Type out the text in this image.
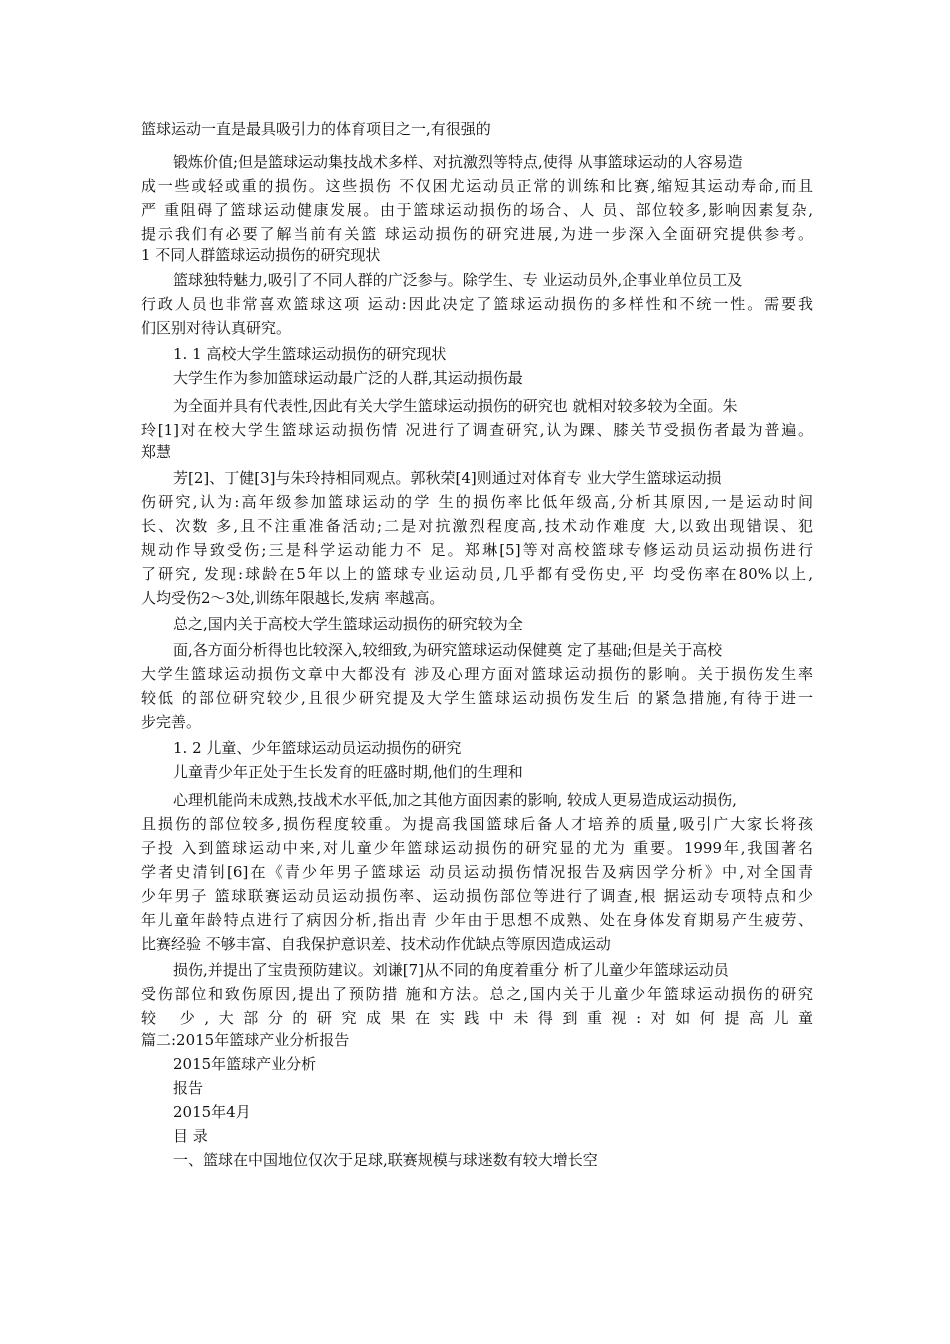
篮球运动一直是最具吸引力的体育项目之一,有很强的
锻炼价值;但是篮球运动集技战术多样、对抗激烈等特点,使得 从事篮球运动的人容易造
成一些或轻或重的损伤。这些损伤 不仅困尤运动员正常的训练和比赛,缩短其运动寿命,而且
严 重阻碍了篮球运动健康发展。由于篮球运动损伤的场合、人 员、部位较多,影响因素复杂,
提示我们有必要了解当前有关篮 球运动损伤的研究进展,为进一步深入全面研究提供参考。
1 不同人群篮球运动损伤的研究现状
篮球独特魅力,吸引了不同人群的广泛参与。除学生、专 业运动员外,企事业单位员工及
行政人员也非常喜欢篮球这项 运动:因此决定了篮球运动损伤的多样性和不统一性。需要我
们区别对待认真研究。
1. 1 高校大学生篮球运动损伤的研究现状
大学生作为参加篮球运动最广泛的人群,其运动损伤最
为全面并具有代表性,因此有关大学生篮球运动损伤的研究也 就相对较多较为全面。朱
玲[1]对在校大学生篮球运动损伤情 况进行了调查研究,认为踝、膝关节受损伤者最为普遍。
郑慧
芳[2]、丁健[3]与朱玲持相同观点。郭秋荣[4]则通过对体育专 业大学生篮球运动损
伤研究,认为:高年级参加篮球运动的学 生的损伤率比低年级高,分析其原因,一是运动时间
长、次数 多,且不注重准备活动;二是对抗激烈程度高,技术动作难度 大,以致出现错误、犯
规动作导致受伤;三是科学运动能力不 足。郑琳[5]等对高校篮球专修运动员运动损伤进行
了研究, 发现:球龄在5年以上的篮球专业运动员,几乎都有受伤史,平 均受伤率在80%以上,
人均受伤2～3处,训练年限越长,发病 率越高。
总之,国内关于高校大学生篮球运动损伤的研究较为全
面,各方面分析得也比较深入,较细致,为研究篮球运动保健奠 定了基础;但是关于高校
大学生篮球运动损伤文章中大都没有 涉及心理方面对篮球运动损伤的影响。关于损伤发生率
较低 的部位研究较少,且很少研究提及大学生篮球运动损伤发生后 的紧急措施,有待于进一
步完善。
1. 2 儿童、少年篮球运动员运动损伤的研究
儿童青少年正处于生长发育的旺盛时期,他们的生理和
心理机能尚未成熟,技战术水平低,加之其他方面因素的影响, 较成人更易造成运动损伤,
且损伤的部位较多,损伤程度较重。为提高我国篮球后备人才培养的质量,吸引广大家长将孩
子投 入到篮球运动中来,对儿童少年篮球运动损伤的研究显的尤为 重要。1999年,我国著名
学者史清钊[6]在《青少年男子篮球运 动员运动损伤情况报告及病因学分析》中,对全国青
少年男子 篮球联赛运动员运动损伤率、运动损伤部位等进行了调查,根 据运动专项特点和少
年儿童年龄特点进行了病因分析,指出青 少年由于思想不成熟、处在身体发育期易产生疲劳、
比赛经验 不够丰富、自我保护意识差、技术动作优缺点等原因造成运动
损伤,并提出了宝贵预防建议。刘谦[7]从不同的角度着重分 析了儿童少年篮球运动员
受伤部位和致伤原因,提出了预防措 施和方法。总之,国内关于儿童少年篮球运动损伤的研究
较 少,大部分的研究成果在实践中未得到重视:对如何提高儿童
篇二:2015年篮球产业分析报告
2015年篮球产业分析
报告
2015年4月
目 录
一、篮球在中国地位仅次于足球,联赛规模与球迷数有较大增长空
